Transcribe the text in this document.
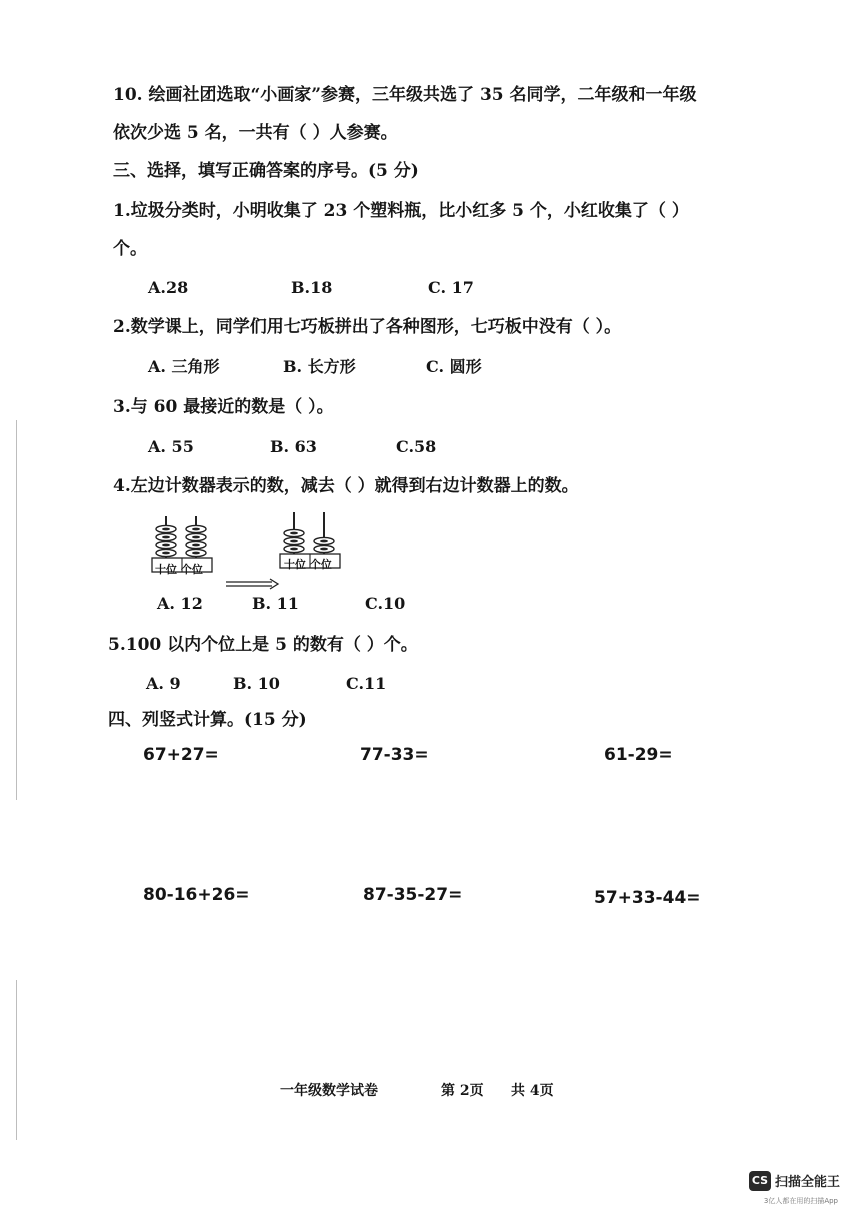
10. 绘画社团选取“小画家”参赛，三年级共选了 35 名同学，二年级和一年级
依次少选 5 名，一共有（ ）人参赛。
三、选择，填写正确答案的序号。(5 分)
1.垃圾分类时，小明收集了 23 个塑料瓶，比小红多 5 个，小红收集了（ ）
个。
A.28	B.18	C. 17
2.数学课上，同学们用七巧板拼出了各种图形，七巧板中没有（ ）。
A. 三角形	B. 长方形	C. 圆形
3.与 60 最接近的数是（ ）。
A. 55	B. 63	C.58
4.左边计数器表示的数，减去（ ）就得到右边计数器上的数。
十位 个位	十位 个位
A. 12	B. 11	C.10
5.100 以内个位上是 5 的数有（ ）个。
A. 9	B. 10	C.11
四、列竖式计算。(15 分)
67+27=	77-33=	61-29=
80-16+26=	87-35-27=	57+33-44=
一年级数学试卷	第 2页 共 4页
CS 扫描全能王
3亿人都在用的扫描App
